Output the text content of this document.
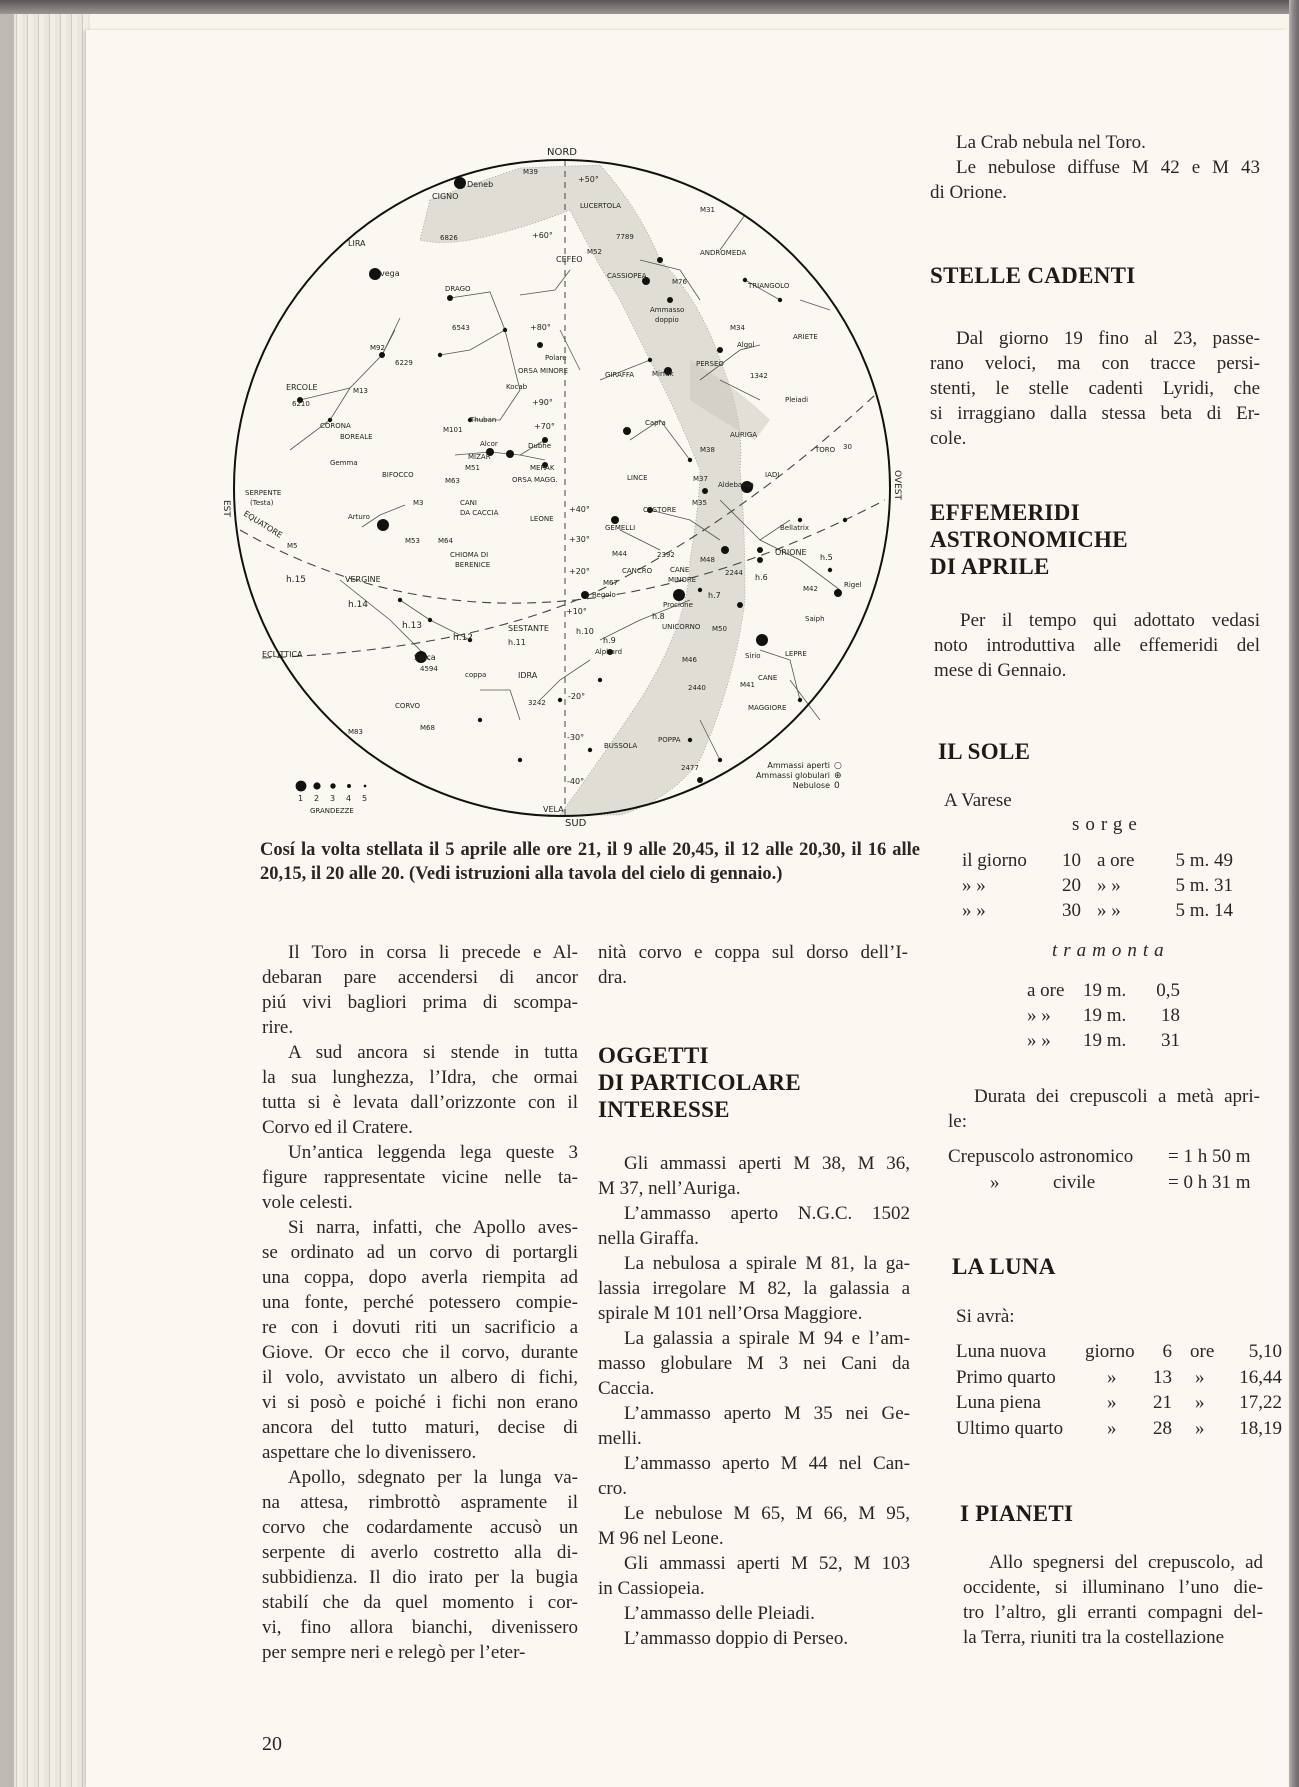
NORD
SUD
EST
OVEST
CIGNO
Deneb
M39
+50°
LUCERTOLA
LIRA
vega
6826
CEFEO
+60°
DRAGO
6543	+80°
M92
6229
ERCOLE
6210
M13
ORSA MINORE
Kocab
+90°
Thuban
+70°
M101
Alcor
MIZAR
M51
Dubhe
MERAK
CORONA
BOREALE
Gemma
BIFOCCO
SERPENTE
(Testa)
EQUATORE
M5
h.15	VERGINE
h.14
Arturo
M3
M53	M64
CHIOMA DI
BERENICE
CANI
DA CACCIA
M63	ORSA MAGG.
LEONE
h.13
h.12
ECLITTICA	Spica
4594
coppa
CORVO
IDRA
3242
M83	M68
SESTANTE
h.11
M31
ANDROMEDA
M52
7789
CASSIOPEA
M76
Ammasso
doppio
TRIANGOLO
M34
ARIETE
Algol
Mirfak
PERSEO
1342
GIRAFFA
Polare
Pleiadi
Capra
AURIGA
M38	TORO
IADI
30
LINCE
Aldebaran
M37
M35
CASTORE
GEMELLI	Bellatrix
ORIONE
2392
M44
CANCRO	CANE
MINORE
2244
h.5
Rigel
M42
Procione
Regolo	h.7
h.6
M67
h.8
UNICORNO
h.9
h.10
Saiph
M50
Alphard	LEPRE
Sirio
M46
CANE
M41
2440
MAGGIORE
-20°
-30°	POPPA
BUSSOLA
2477
-40°
VELA
+40°
+30°
+20°
+10°
M48
1 2 3 4 5
GRANDEZZE
Ammassi aperti ○
Ammassi globulari ⊕
Nebulose 0
Cosí la volta stellata il 5 aprile alle ore 21, il 9 alle 20,45, il 12 alle 20,30, il 16 alle
20,15, il 20 alle 20. (Vedi istruzioni alla tavola del cielo di gennaio.)
Il Toro in corsa li precede e Al-
debaran pare accendersi di ancor
piú vivi bagliori prima di scompa-
rire.
A sud ancora si stende in tutta
la sua lunghezza, l’Idra, che ormai
tutta si è levata dall’orizzonte con il
Corvo ed il Cratere.
Un’antica leggenda lega queste 3
figure rappresentate vicine nelle ta-
vole celesti.
Si narra, infatti, che Apollo aves-
se ordinato ad un corvo di portargli
una coppa, dopo averla riempita ad
una fonte, perché potessero compie-
re con i dovuti riti un sacrificio a
Giove. Or ecco che il corvo, durante
il volo, avvistato un albero di fichi,
vi si posò e poiché i fichi non erano
ancora del tutto maturi, decise di
aspettare che lo divenissero.
Apollo, sdegnato per la lunga va-
na attesa, rimbrottò aspramente il
corvo che codardamente accusò un
serpente di averlo costretto alla di-
subbidienza. Il dio irato per la bugia
stabilí che da quel momento i cor-
vi, fino allora bianchi, divenissero
per sempre neri e relegò per l’eter-
nità corvo e coppa sul dorso dell’I-
dra.
OGGETTI
DI PARTICOLARE
INTERESSE
Gli ammassi aperti M 38, M 36,
M 37, nell’Auriga.
L’ammasso aperto N.G.C. 1502
nella Giraffa.
La nebulosa a spirale M 81, la ga-
lassia irregolare M 82, la galassia a
spirale M 101 nell’Orsa Maggiore.
La galassia a spirale M 94 e l’am-
masso globulare M 3 nei Cani da
Caccia.
L’ammasso aperto M 35 nei Ge-
melli.
L’ammasso aperto M 44 nel Can-
cro.
Le nebulose M 65, M 66, M 95,
M 96 nel Leone.
Gli ammassi aperti M 52, M 103
in Cassiopeia.
L’ammasso delle Pleiadi.
L’ammasso doppio di Perseo.
La Crab nebula nel Toro.
Le nebulose diffuse M 42 e M 43
di Orione.
STELLE CADENTI
Dal giorno 19 fino al 23, passe-
rano veloci, ma con tracce persi-
stenti, le stelle cadenti Lyridi, che
si irraggiano dalla stessa beta di Er-
cole.
EFFEMERIDI
ASTRONOMICHE
DI APRILE
Per il tempo qui adottato vedasi
noto introduttiva alle effemeridi del
mese di Gennaio.
IL SOLE
A Varese
sorge
il giorno 10 a ore 5 m. 49
» »	20 » »	5 m. 31
» »	30 » »	5 m. 14
tramonta
a ore 19 m. 0,5
» » 19 m. 18
» » 19 m. 31
Durata dei crepuscoli a metà apri-
le:
Crepuscolo astronomico = 1 h 50 m
»	civile	= 0 h 31 m
LA LUNA
Si avrà:
Luna nuova giorno 6 ore 5,10
Primo quarto	» 13 » 16,44
Luna piena	» 21 » 17,22
Ultimo quarto » 28 » 18,19
I PIANETI
Allo spegnersi del crepuscolo, ad
occidente, si illuminano l’uno die-
tro l’altro, gli erranti compagni del-
la Terra, riuniti tra la costellazione
20
